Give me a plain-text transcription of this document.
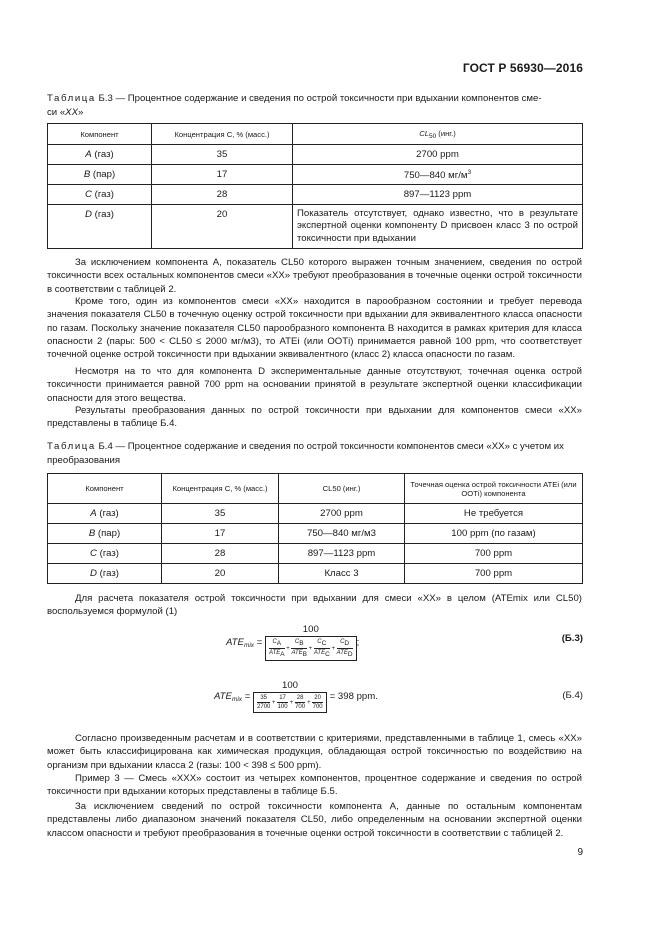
ГОСТ Р 56930—2016
Таблица Б.3 — Процентное содержание и сведения по острой токсичности при вдыхании компонентов сме-
си «XX»
Компонент	Концентрация С, % (масс.)	$CL_{50}$ (инг.)
A (газ)	35	2700 ppm
B (пар)	17	750—840 $мг/м^3$
C (газ)	28	897—1123 ppm
D (газ)	20	Показатель отсутствует, однако известно, что в результате экспертной оценки компоненту D присвоен класс 3 по острой токсичности при вдыхании
За исключением компонента A, показатель CL50 которого выражен точным значением, сведения по острой токсичности всех остальных компонентов смеси «XX» требуют преобразования в точечные оценки острой токсичности в соответствии с таблицей 2.
Кроме того, один из компонентов смеси «XX» находится в парообразном состоянии и требует перевода значения показателя CL50 в точечную оценку острой токсичности при вдыхании для эквивалентного класса опасности по газам. Поскольку значение показателя CL50 парообразного компонента B находится в рамках критерия для класса опасности 2 (пары: 500 < CL50 ≤ 2000 мг/м3), то ATEi (или ООТi) принимается равной 100 ppm, что соответствует точечной оценке острой токсичности при вдыхании эквивалентного (класс 2) класса опасности по газам.
Несмотря на то что для компонента D экспериментальные данные отсутствуют, точечная оценка острой токсичности принимается равной 700 ppm на основании принятой в результате экспертной оценки классификации опасности для этого вещества.
Результаты преобразования данных по острой токсичности при вдыхании для компонентов смеси «XX» представлены в таблице Б.4.
Таблица Б.4 — Процентное содержание и сведения по острой токсичности компонентов смеси «XX» с учетом их преобразования
Компонент	Концентрация С, % (масс.)	CL50 (инг.)	Точечная оценка острой токсичности ATEi (или ООТi) компонента
A (газ)	35	2700 ppm	Не требуется
B (пар)	17	750—840 мг/м3	100 ppm (по газам)
C (газ)	28	897—1123 ppm	700 ppm
D (газ)	20	Класс 3	700 ppm
Для расчета показателя острой токсичности при вдыхании для смеси «XX» в целом (ATEmix или CL50) воспользуемся формулой (1)
$ATE_{mix} = \frac{100}{\frac{C_A}{ATE_A} + \frac{C_B}{ATE_B} + \frac{C_C}{ATE_C} + \frac{C_D}{ATE_D}}$ ;	(Б.3)
$ATE_{mix} = \frac{100}{\frac{35}{2700} + \frac{17}{100} + \frac{28}{700} + \frac{20}{700}} = 398$ ppm.	(Б.4)
Согласно произведенным расчетам и в соответствии с критериями, представленными в таблице 1, смесь «XX» может быть классифицирована как химическая продукция, обладающая острой токсичностью по воздействию на организм при вдыхании класса 2 (газы: 100 < 398 ≤ 500 ppm).
Пример 3 — Смесь «XXX» состоит из четырех компонентов, процентное содержание и сведения по острой токсичности при вдыхании которых представлены в таблице Б.5.
За исключением сведений по острой токсичности компонента A, данные по остальным компонентам представлены либо диапазоном значений показателя CL50, либо определенным на основании экспертной оценки классом опасности и требуют преобразования в точечные оценки острой токсичности в соответствии с таблицей 2.
9
